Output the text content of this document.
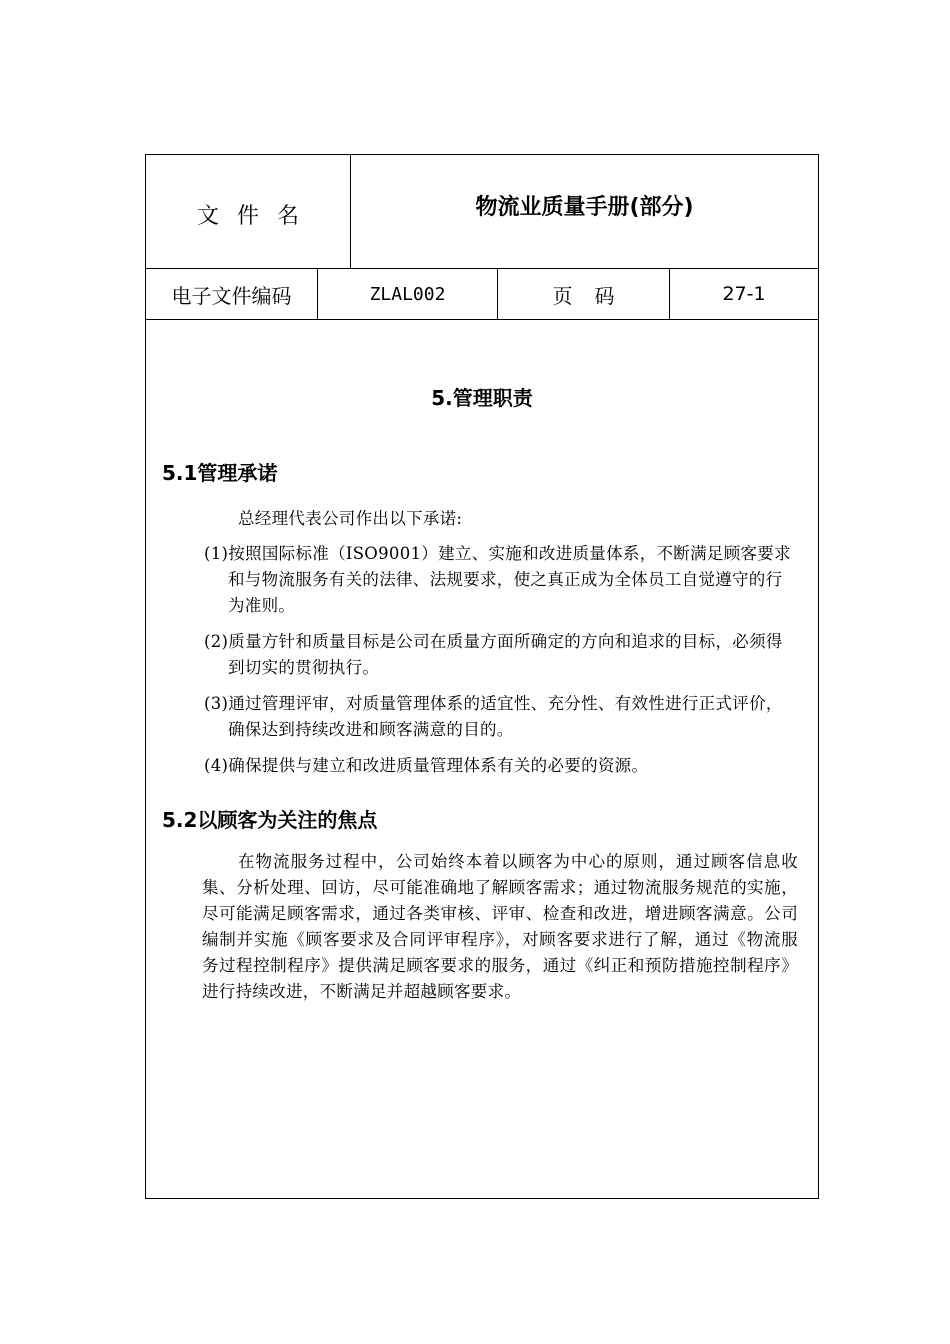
文件名	物流业质量手册(部分)
电子文件编码	ZLAL002	页码	27-1
5.管理职责
5.1管理承诺
总经理代表公司作出以下承诺:
(1)按照国际标准（ISO9001）建立、实施和改进质量体系，不断满足顾客要求和与物流服务有关的法律、法规要求，使之真正成为全体员工自觉遵守的行为准则。
(2)质量方针和质量目标是公司在质量方面所确定的方向和追求的目标，必须得到切实的贯彻执行。
(3)通过管理评审，对质量管理体系的适宜性、充分性、有效性进行正式评价，确保达到持续改进和顾客满意的目的。
(4)确保提供与建立和改进质量管理体系有关的必要的资源。
5.2以顾客为关注的焦点
在物流服务过程中，公司始终本着以顾客为中心的原则，通过顾客信息收集、分析处理、回访，尽可能准确地了解顾客需求；通过物流服务规范的实施，尽可能满足顾客需求，通过各类审核、评审、检查和改进，增进顾客满意。公司编制并实施《顾客要求及合同评审程序》，对顾客要求进行了解，通过《物流服务过程控制程序》提供满足顾客要求的服务，通过《纠正和预防措施控制程序》进行持续改进，不断满足并超越顾客要求。
